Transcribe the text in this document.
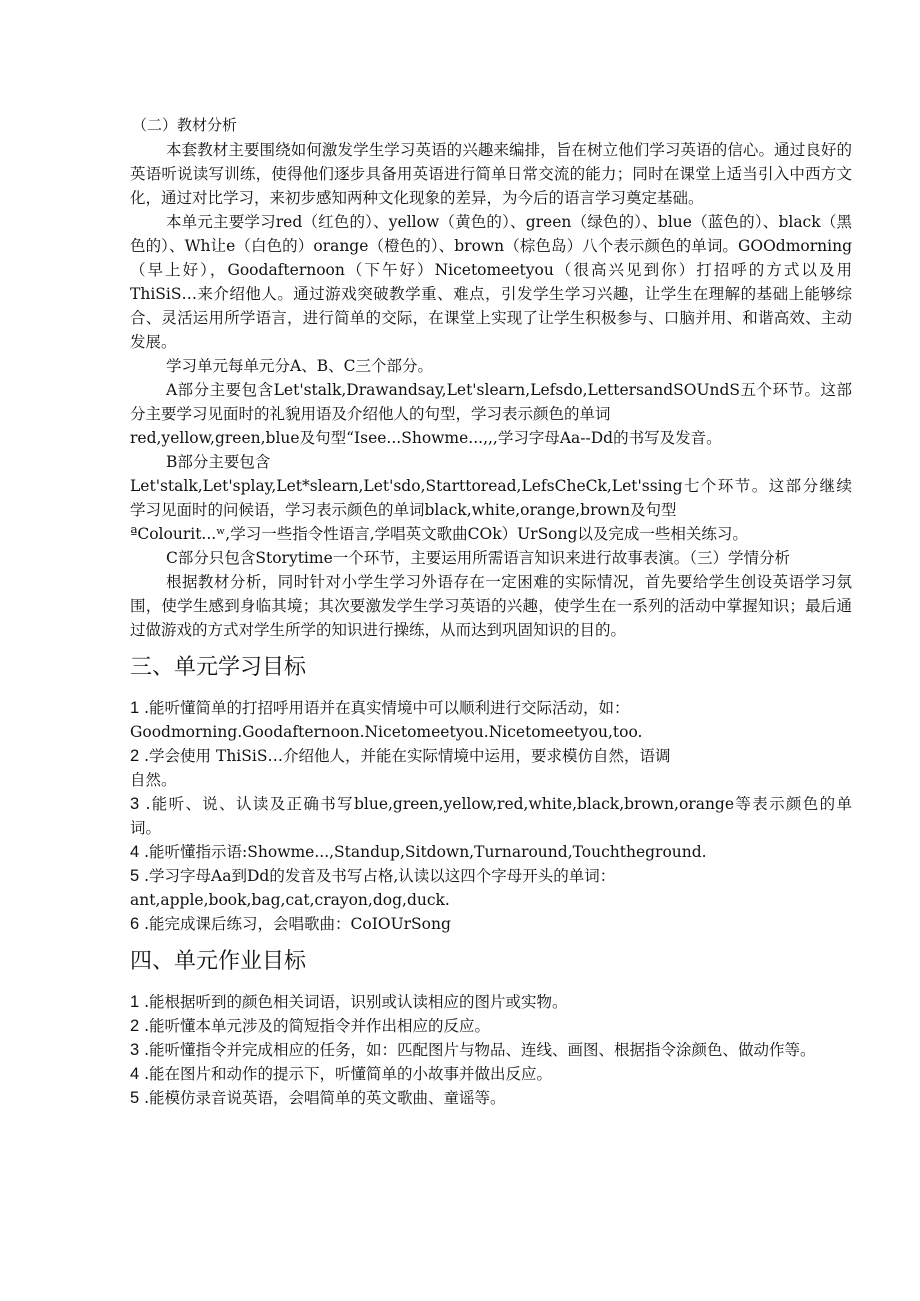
（二）教材分析

本套教材主要围绕如何激发学生学习英语的兴趣来编排，旨在树立他们学习英语的信心。通过良好的英语听说读写训练，使得他们逐步具备用英语进行简单日常交流的能力；同时在课堂上适当引入中西方文化，通过对比学习，来初步感知两种文化现象的差异，为今后的语言学习奠定基础。

本单元主要学习red（红色的）、yellow（黄色的）、green（绿色的）、blue（蓝色的）、black（黑色的）、Wh让e（白色的）orange（橙色的）、brown（棕色岛）八个表示颜色的单词。GOOdmorning（早上好），Goodafternoon（下午好）Nicetomeetyou（很高兴见到你）打招呼的方式以及用ThiSiS…来介绍他人。通过游戏突破教学重、难点，引发学生学习兴趣，让学生在理解的基础上能够综合、灵活运用所学语言，进行简单的交际，在课堂上实现了让学生积极参与、口脑并用、和谐高效、主动发展。

学习单元每单元分A、B、C三个部分。

A部分主要包含Let'stalk,Drawandsay,Let'slearn,Lefsdo,LettersandSOUndS五个环节。这部分主要学习见面时的礼貌用语及介绍他人的句型，学习表示颜色的单词

red,yellow,green,blue及句型“Isee...Showme...,,,学习字母Aa--Dd的书写及发音。

B部分主要包含

Let'stalk,Let'splay,Let*slearn,Let'sdo,Starttoread,LefsCheCk,Let'ssing七个环节。这部分继续学习见面时的问候语，学习表示颜色的单词black,white,orange,brown及句型

ªColourit...ʷ,学习一些指令性语言,学唱英文歌曲COk）UrSong以及完成一些相关练习。

C部分只包含Storytime一个环节，主要运用所需语言知识来进行故事表演。（三）学情分析

根据教材分析，同时针对小学生学习外语存在一定困难的实际情况，首先要给学生创设英语学习氛围，使学生感到身临其境；其次要激发学生学习英语的兴趣，使学生在一系列的活动中掌握知识；最后通过做游戏的方式对学生所学的知识进行操练，从而达到巩固知识的目的。

三、单元学习目标

1 .能听懂简单的打招呼用语并在真实情境中可以顺利进行交际活动，如：

Goodmorning.Goodafternoon.Nicetomeetyou.Nicetomeetyou,too.

2 .学会使用 ThiSiS…介绍他人，并能在实际情境中运用，要求模仿自然，语调

自然。

3 .能听、说、认读及正确书写blue,green,yellow,red,white,black,brown,orange等表示颜色的单词。

4 .能听懂指示语:Showme...,Standup,Sitdown,Turnaround,Touchtheground.

5 .学习字母Aa到Dd的发音及书写占格,认读以这四个字母开头的单词：

ant,apple,book,bag,cat,crayon,dog,duck.

6 .能完成课后练习，会唱歌曲：CoIOUrSong

四、单元作业目标

1 .能根据听到的颜色相关词语，识别或认读相应的图片或实物。

2 .能听懂本单元涉及的简短指令并作出相应的反应。

3 .能听懂指令并完成相应的任务，如：匹配图片与物品、连线、画图、根据指令涂颜色、做动作等。

4 .能在图片和动作的提示下，听懂简单的小故事并做出反应。

5 .能模仿录音说英语，会唱简单的英文歌曲、童谣等。
